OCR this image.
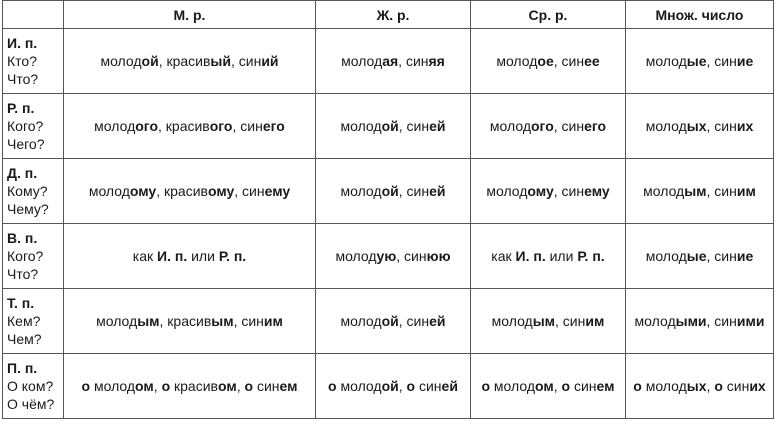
	М. р.	Ж. р.	Ср. р.	Множ. число

И. п.
Кто?
Что?	молодой, красивый, синий	молодая, синяя	молодое, синее	молодые, синие

Р. п.
Кого?
Чего?	молодого, красивого, синего	молодой, синей	молодого, синего	молодых, синих

Д. п.
Кому?
Чему?	молодому, красивому, синему	молодой, синей	молодому, синему	молодым, синим

В. п.
Кого?
Что?	как И. п. или Р. п.	молодую, синюю	как И. п. или Р. п.	молодые, синие

Т. п.
Кем?
Чем?	молодым, красивым, синим	молодой, синей	молодым, синим	молодыми, синими

П. п.
О ком?
О чём?	о молодом, о красивом, о синем	о молодой, о синей	о молодом, о синем	о молодых, о синих
